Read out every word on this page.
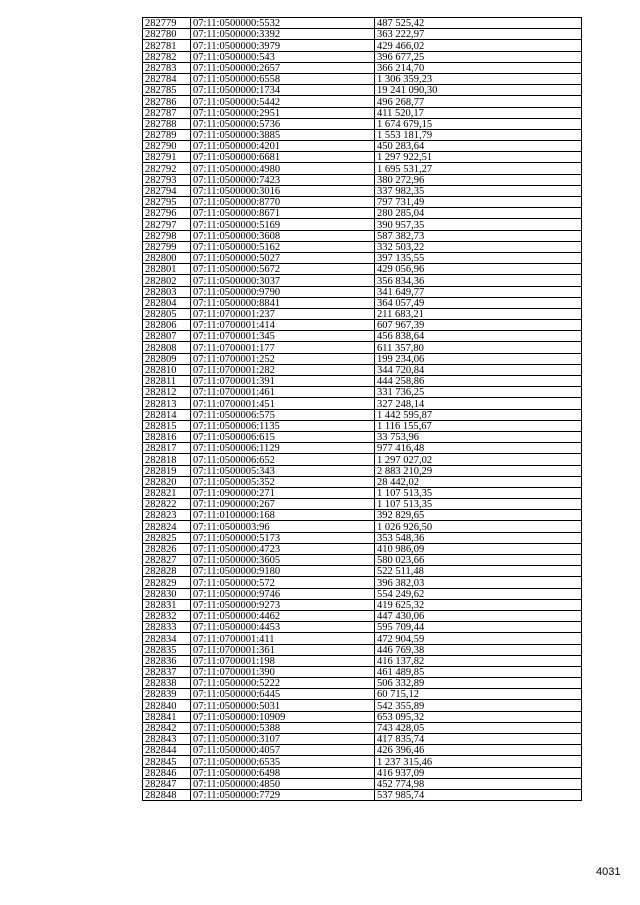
282779	07:11:0500000:5532	487 525,42
282780	07:11:0500000:3392	363 222,97
282781	07:11:0500000:3979	429 466,02
282782	07:11:0500000:543	396 677,25
282783	07:11:0500000:2657	366 214,70
282784	07:11:0500000:6558	1 306 359,23
282785	07:11:0500000:1734	19 241 090,30
282786	07:11:0500000:5442	496 268,77
282787	07:11:0500000:2951	411 520,17
282788	07:11:0500000:5736	1 674 679,15
282789	07:11:0500000:3885	1 553 181,79
282790	07:11:0500000:4201	450 283,64
282791	07:11:0500000:6681	1 297 922,51
282792	07:11:0500000:4980	1 695 531,27
282793	07:11:0500000:7423	380 272,96
282794	07:11:0500000:3016	337 982,35
282795	07:11:0500000:8770	797 731,49
282796	07:11:0500000:8671	280 285,04
282797	07:11:0500000:5169	390 957,35
282798	07:11:0500000:3608	587 382,73
282799	07:11:0500000:5162	332 503,22
282800	07:11:0500000:5027	397 135,55
282801	07:11:0500000:5672	429 056,96
282802	07:11:0500000:3037	356 834,36
282803	07:11:0500000:9790	341 649,77
282804	07:11:0500000:8841	364 057,49
282805	07:11:0700001:237	211 683,21
282806	07:11:0700001:414	607 967,39
282807	07:11:0700001:345	456 838,64
282808	07:11:0700001:177	611 357,80
282809	07:11:0700001:252	199 234,06
282810	07:11:0700001:282	344 720,84
282811	07:11:0700001:391	444 258,86
282812	07:11:0700001:461	331 736,25
282813	07:11:0700001:451	327 248,14
282814	07:11:0500006:575	1 442 595,87
282815	07:11:0500006:1135	1 116 155,67
282816	07:11:0500006:615	33 753,96
282817	07:11:0500006:1129	977 416,48
282818	07:11:0500006:652	1 297 027,02
282819	07:11:0500005:343	2 883 210,29
282820	07:11:0500005:352	28 442,02
282821	07:11:0900000:271	1 107 513,35
282822	07:11:0900000:267	1 107 513,35
282823	07:11:0100000:168	392 829,65
282824	07:11:0500003:96	1 026 926,50
282825	07:11:0500000:5173	353 548,36
282826	07:11:0500000:4723	410 986,09
282827	07:11:0500000:3605	580 023,66
282828	07:11:0500000:9180	522 511,48
282829	07:11:0500000:572	396 382,03
282830	07:11:0500000:9746	554 249,62
282831	07:11:0500000:9273	419 625,32
282832	07:11:0500000:4462	447 430,06
282833	07:11:0500000:4453	595 709,44
282834	07:11:0700001:411	472 904,59
282835	07:11:0700001:361	446 769,38
282836	07:11:0700001:198	416 137,82
282837	07:11:0700001:390	461 489,85
282838	07:11:0500000:5222	506 332,89
282839	07:11:0500000:6445	60 715,12
282840	07:11:0500000:5031	542 355,89
282841	07:11:0500000:10909	653 095,32
282842	07:11:0500000:5388	743 428,05
282843	07:11:0500000:3107	417 835,74
282844	07:11:0500000:4057	426 396,46
282845	07:11:0500000:6535	1 237 315,46
282846	07:11:0500000:6498	416 937,09
282847	07:11:0500000:4850	452 774,98
282848	07:11:0500000:7729	537 985,74
4031
